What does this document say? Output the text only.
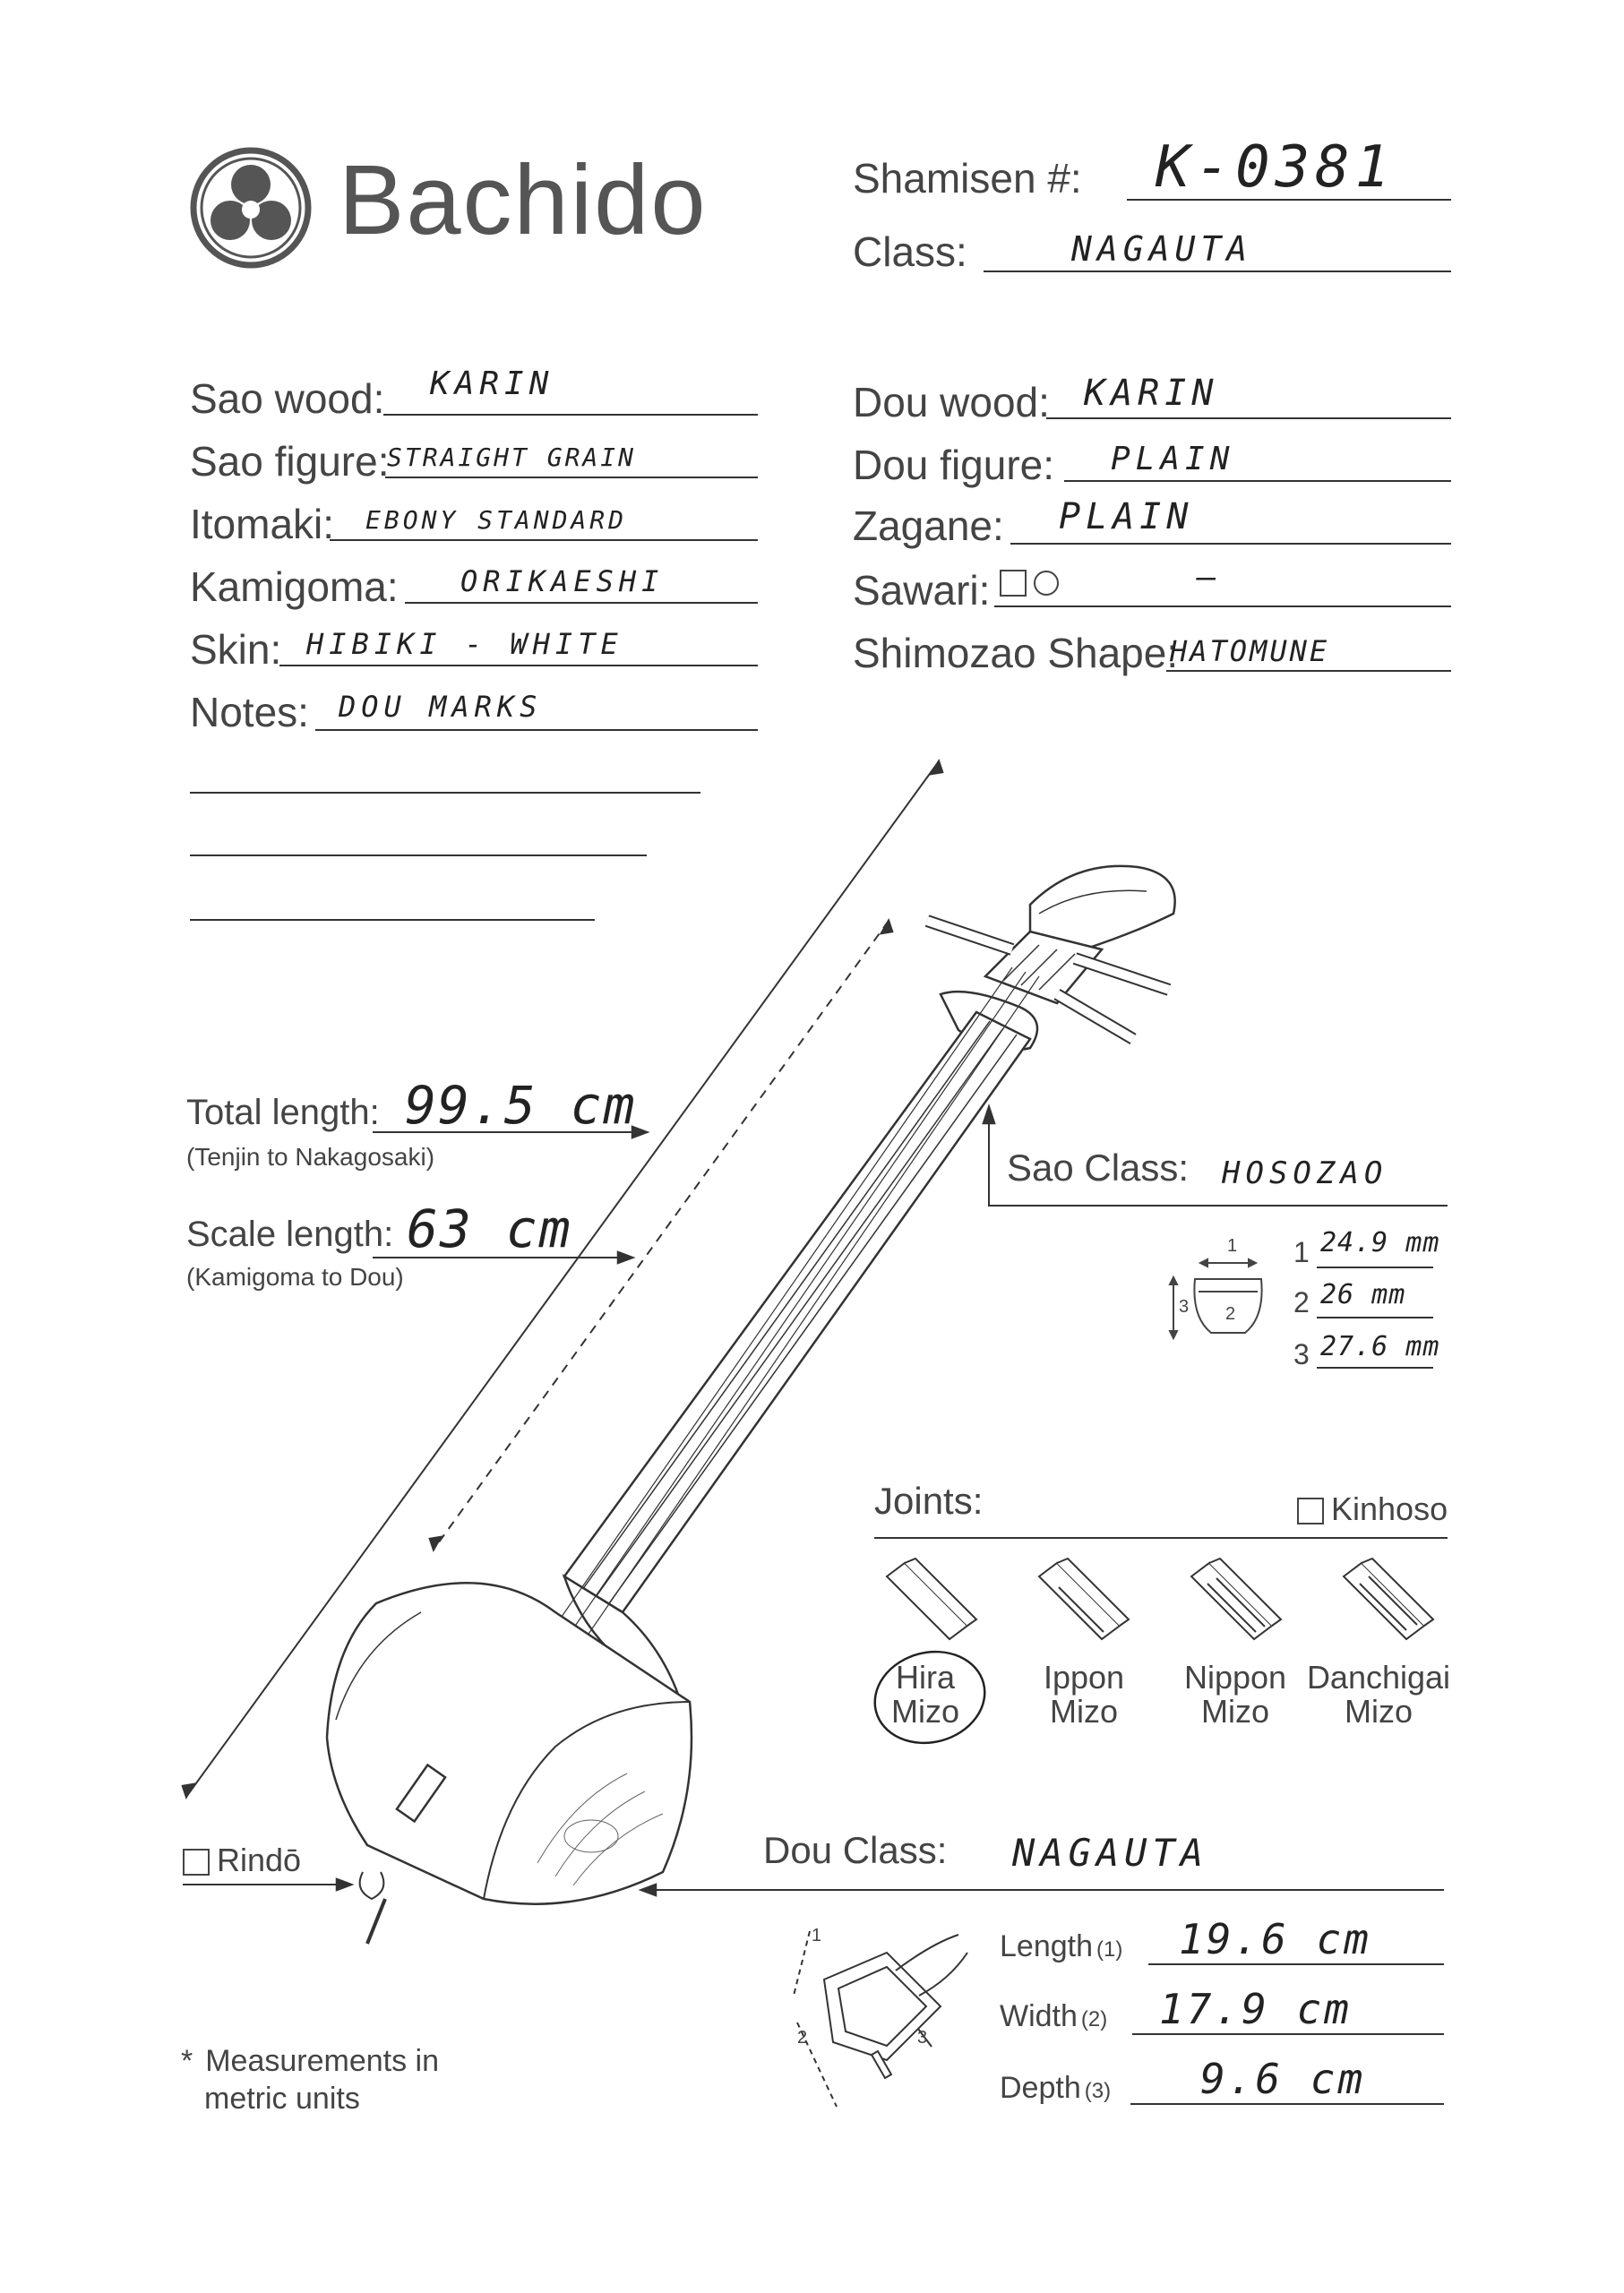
Bachido	Shamisen #: K-0381
Class:	NAGAUTA
Sao wood: KARIN
Sao figure:
STRAIGHT GRAIN
Itomaki: EBONY STANDARD
Kamigoma: ORIKAESHI
Skin: HIBIKI - WHITE
Notes: DOU MARKS
Dou wood: KARIN
Dou figure: PLAIN
Zagane: PLAIN
Sawari:	—
Shimozao Shape:
HATOMUNE
Total length: 99.5 cm
(Tenjin to Nakagosaki)
Scale length: 63 cm
(Kamigoma to Dou)
Sao Class: HOSOZAO
1
2
3
1 24.9 mm
2 26 mm
3 27.6 mm
Joints:	Kinhoso
Hira
Mizo
Ippon
Mizo
Nippon
Mizo
Danchigai
Mizo
Rindō	Dou Class: NAGAUTA
1
2	3
Length (1) 19.6 cm
Width (2) 17.9 cm
Depth (3) 9.6 cm
* Measurements in
metric units
